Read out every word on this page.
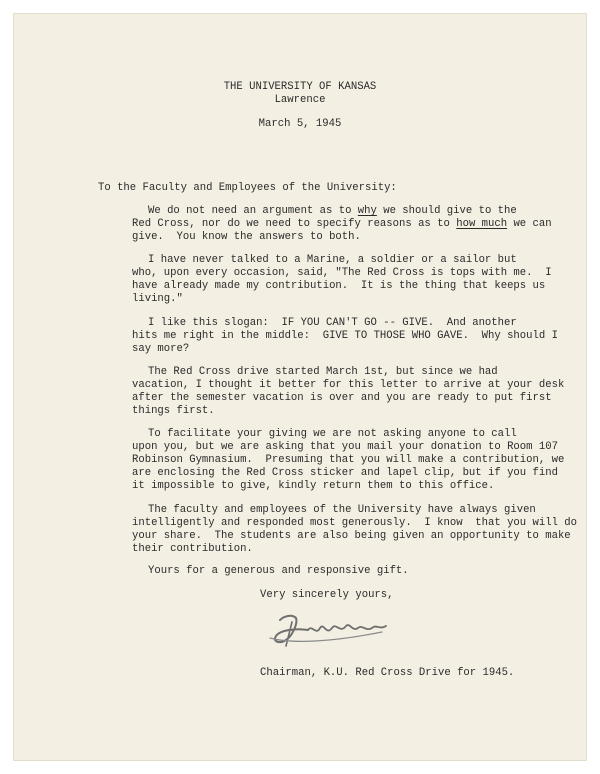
THE UNIVERSITY OF KANSAS
Lawrence
March 5, 1945
To the Faculty and Employees of the University:
We do not need an argument as to why we should give to the
Red Cross, nor do we need to specify reasons as to how much we can
give.  You know the answers to both.
I have never talked to a Marine, a soldier or a sailor but
who, upon every occasion, said, "The Red Cross is tops with me.  I
have already made my contribution.  It is the thing that keeps us
living."
I like this slogan:  IF YOU CAN'T GO -- GIVE.  And another
hits me right in the middle:  GIVE TO THOSE WHO GAVE.  Why should I
say more?
The Red Cross drive started March 1st, but since we had
vacation, I thought it better for this letter to arrive at your desk
after the semester vacation is over and you are ready to put first
things first.
To facilitate your giving we are not asking anyone to call
upon you, but we are asking that you mail your donation to Room 107
Robinson Gymnasium.  Presuming that you will make a contribution, we
are enclosing the Red Cross sticker and lapel clip, but if you find
it impossible to give, kindly return them to this office.
The faculty and employees of the University have always given
intelligently and responded most generously.  I know  that you will do
your share.  The students are also being given an opportunity to make
their contribution.
Yours for a generous and responsive gift.
Very sincerely yours,
Chairman, K.U. Red Cross Drive for 1945.
